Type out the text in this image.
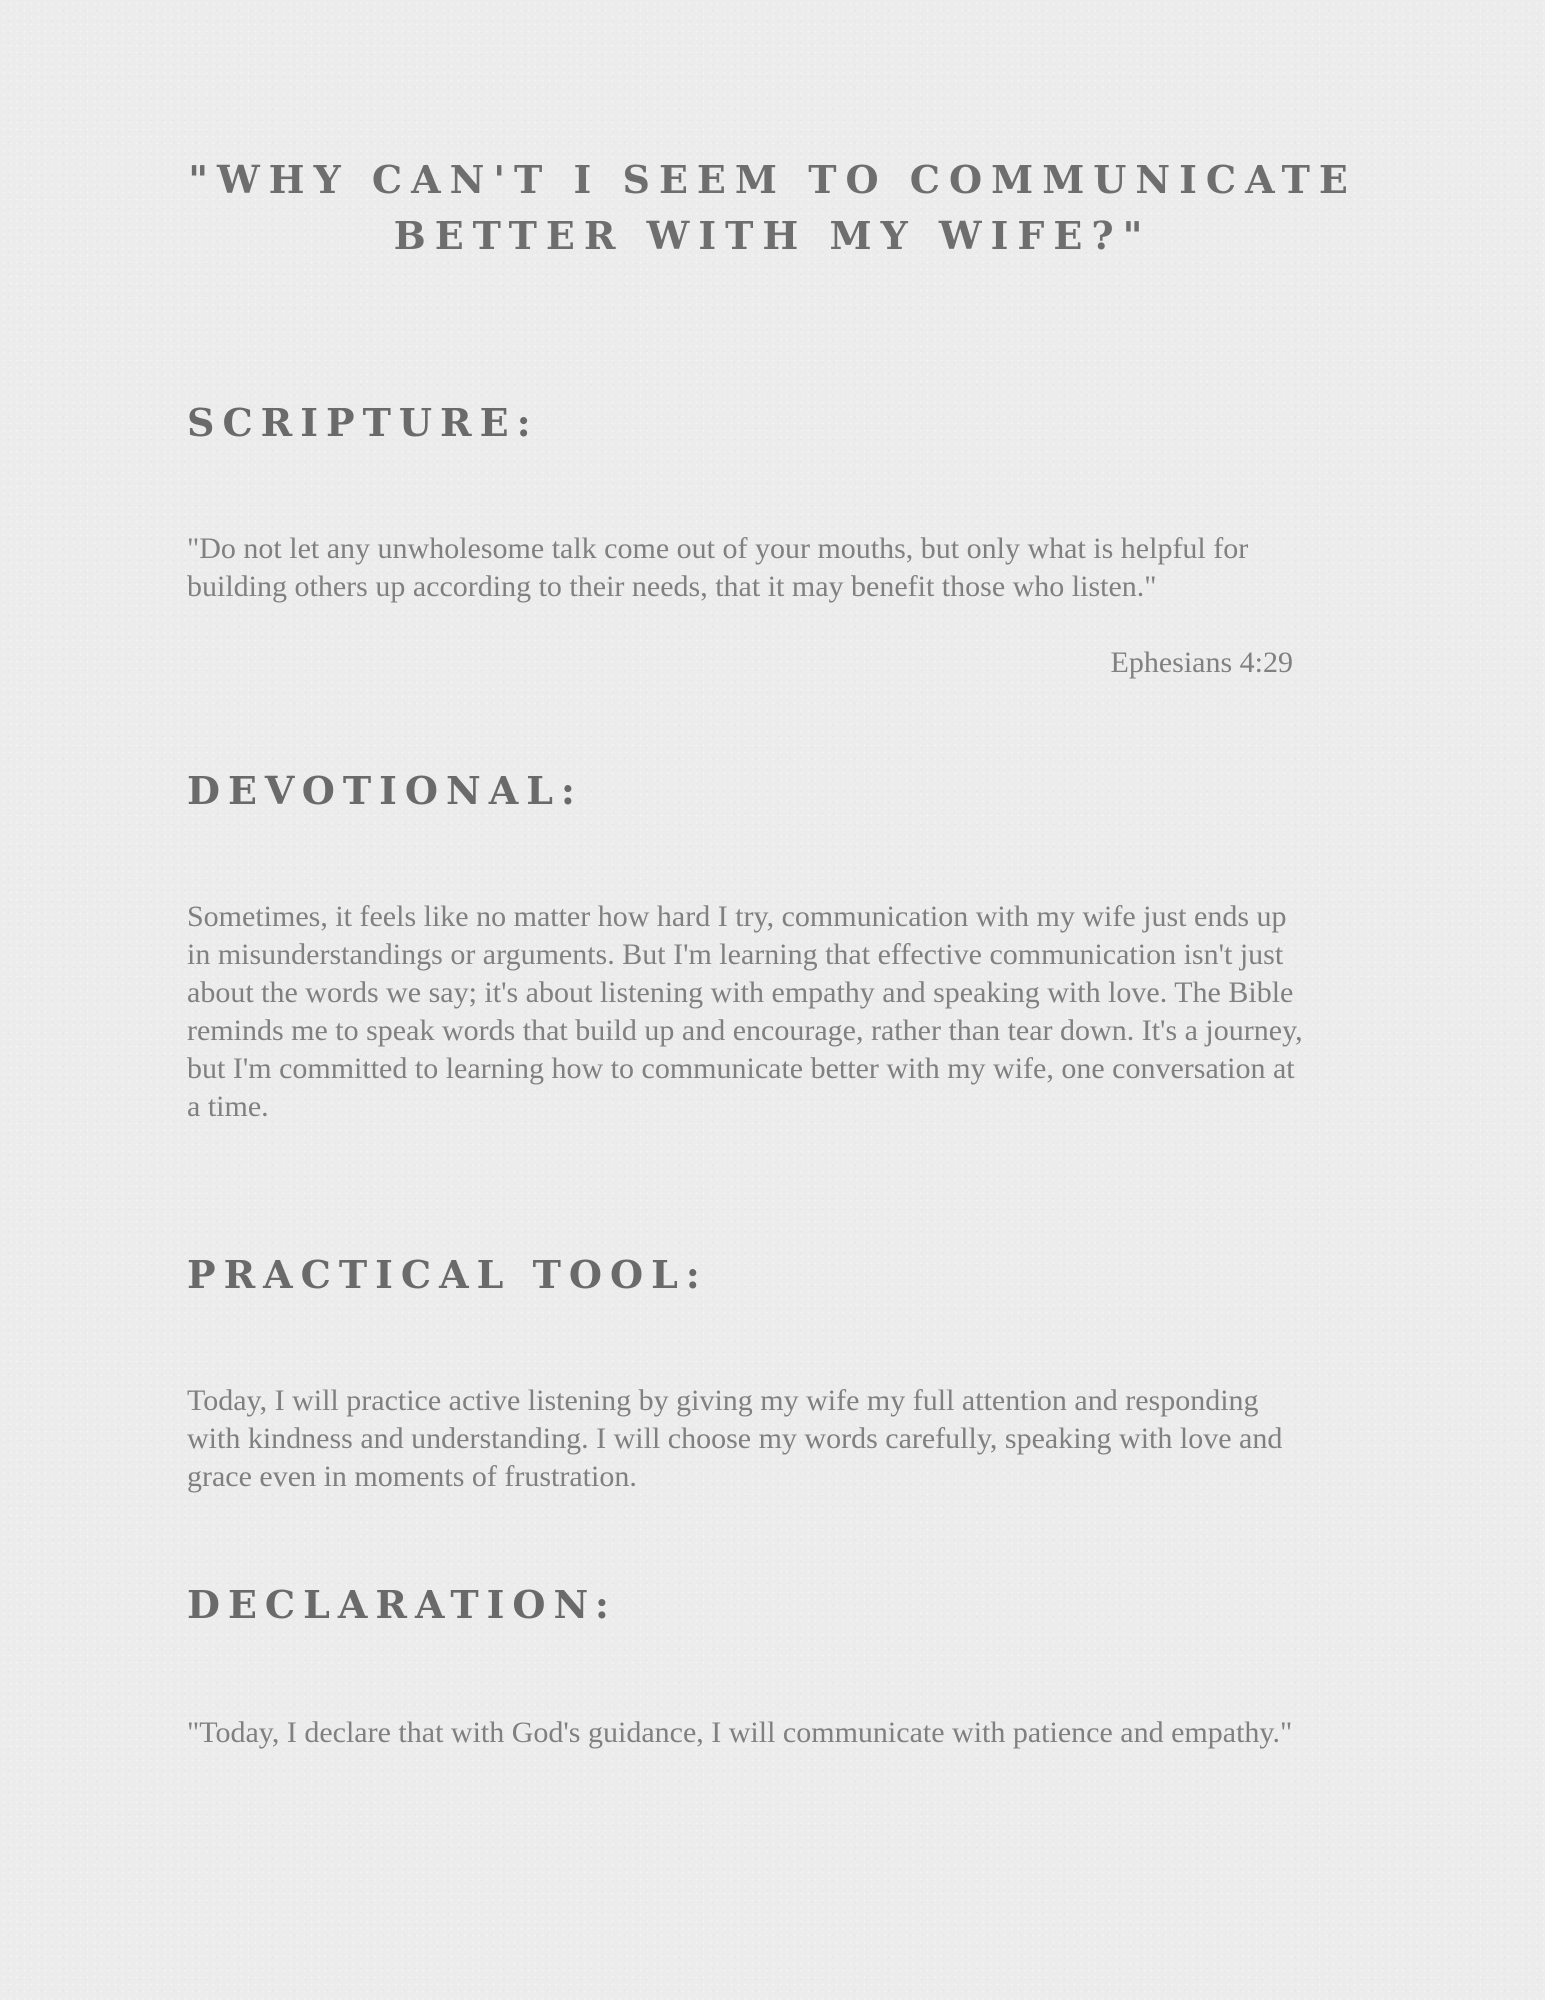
"WHY CAN'T I SEEM TO COMMUNICATE
BETTER WITH MY WIFE?"
SCRIPTURE:

"Do not let any unwholesome talk come out of your mouths, but only what is helpful for building others up according to their needs, that it may benefit those who listen."

Ephesians 4:29

DEVOTIONAL:

Sometimes, it feels like no matter how hard I try, communication with my wife just ends up in misunderstandings or arguments. But I'm learning that effective communication isn't just about the words we say; it's about listening with empathy and speaking with love. The Bible reminds me to speak words that build up and encourage, rather than tear down. It's a journey, but I'm committed to learning how to communicate better with my wife, one conversation at a time.

PRACTICAL TOOL:

Today, I will practice active listening by giving my wife my full attention and responding with kindness and understanding. I will choose my words carefully, speaking with love and grace even in moments of frustration.

DECLARATION:

"Today, I declare that with God's guidance, I will communicate with patience and empathy."
